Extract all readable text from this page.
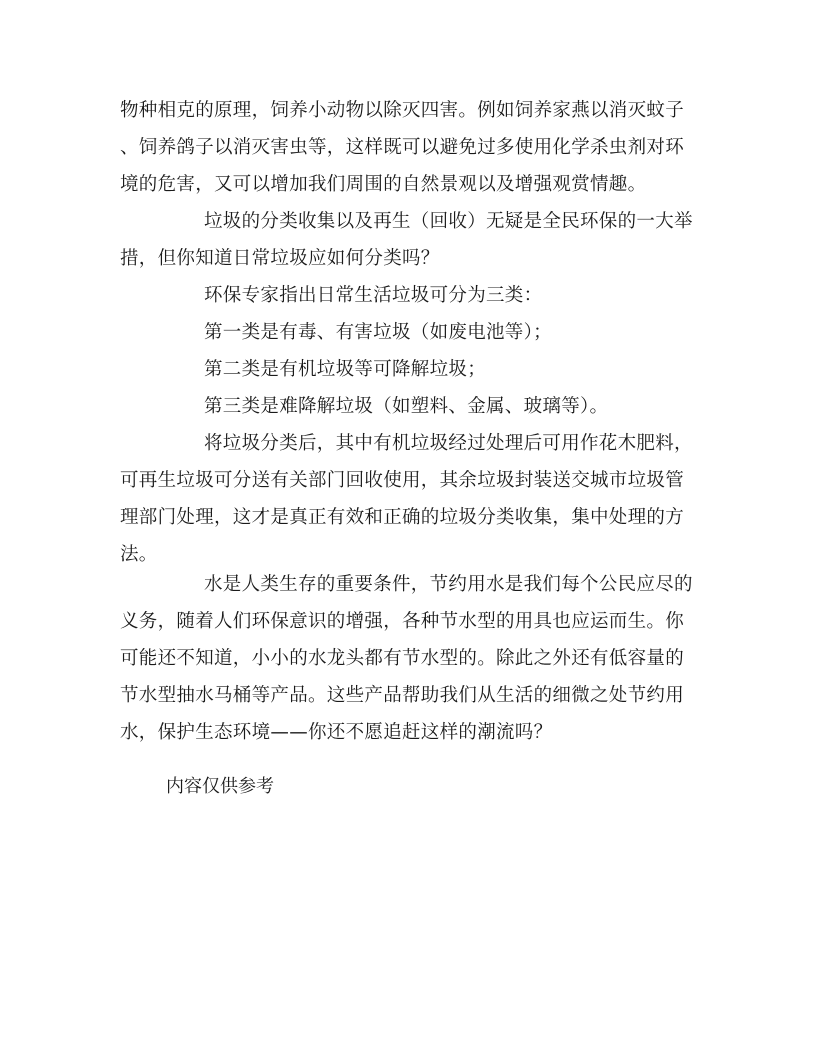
物种相克的原理，饲养小动物以除灭四害。例如饲养家燕以消灭蚊子
、饲养鸽子以消灭害虫等，这样既可以避免过多使用化学杀虫剂对环
境的危害，又可以增加我们周围的自然景观以及增强观赏情趣。
垃圾的分类收集以及再生（回收）无疑是全民环保的一大举
措，但你知道日常垃圾应如何分类吗？
环保专家指出日常生活垃圾可分为三类：
第一类是有毒、有害垃圾（如废电池等）；
第二类是有机垃圾等可降解垃圾；
第三类是难降解垃圾（如塑料、金属、玻璃等）。
将垃圾分类后，其中有机垃圾经过处理后可用作花木肥料，
可再生垃圾可分送有关部门回收使用，其余垃圾封装送交城市垃圾管
理部门处理，这才是真正有效和正确的垃圾分类收集，集中处理的方
法。
水是人类生存的重要条件，节约用水是我们每个公民应尽的
义务，随着人们环保意识的增强，各种节水型的用具也应运而生。你
可能还不知道，小小的水龙头都有节水型的。除此之外还有低容量的
节水型抽水马桶等产品。这些产品帮助我们从生活的细微之处节约用
水，保护生态环境——你还不愿追赶这样的潮流吗？
内容仅供参考
